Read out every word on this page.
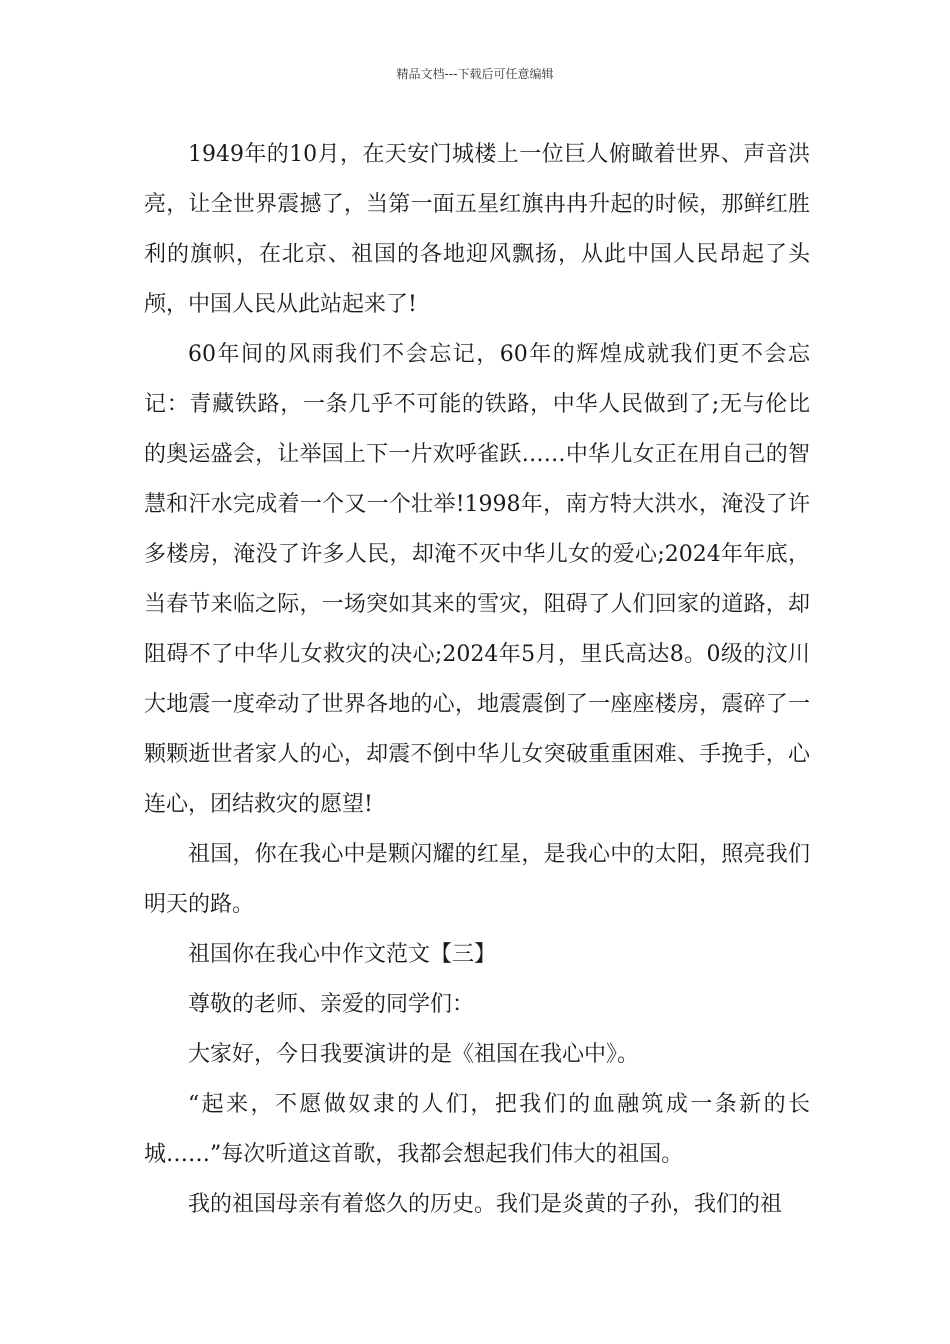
精品文档---下载后可任意编辑

1949年的10月，在天安门城楼上一位巨人俯瞰着世界、声音洪亮，让全世界震撼了，当第一面五星红旗冉冉升起的时候，那鲜红胜利的旗帜，在北京、祖国的各地迎风飘扬，从此中国人民昂起了头颅，中国人民从此站起来了!

60年间的风雨我们不会忘记，60年的辉煌成就我们更不会忘记：青藏铁路，一条几乎不可能的铁路，中华人民做到了;无与伦比的奥运盛会，让举国上下一片欢呼雀跃……中华儿女正在用自己的智慧和汗水完成着一个又一个壮举!1998年，南方特大洪水，淹没了许多楼房，淹没了许多人民，却淹不灭中华儿女的爱心;2024年年底，当春节来临之际，一场突如其来的雪灾，阻碍了人们回家的道路，却阻碍不了中华儿女救灾的决心;2024年5月，里氏高达8。0级的汶川大地震一度牵动了世界各地的心，地震震倒了一座座楼房，震碎了一颗颗逝世者家人的心，却震不倒中华儿女突破重重困难、手挽手，心连心，团结救灾的愿望!

祖国，你在我心中是颗闪耀的红星，是我心中的太阳，照亮我们明天的路。

祖国你在我心中作文范文【三】

尊敬的老师、亲爱的同学们：

大家好，今日我要演讲的是《祖国在我心中》。

“起来，不愿做奴隶的人们，把我们的血融筑成一条新的长城……”每次听道这首歌，我都会想起我们伟大的祖国。

我的祖国母亲有着悠久的历史。我们是炎黄的子孙，我们的祖
